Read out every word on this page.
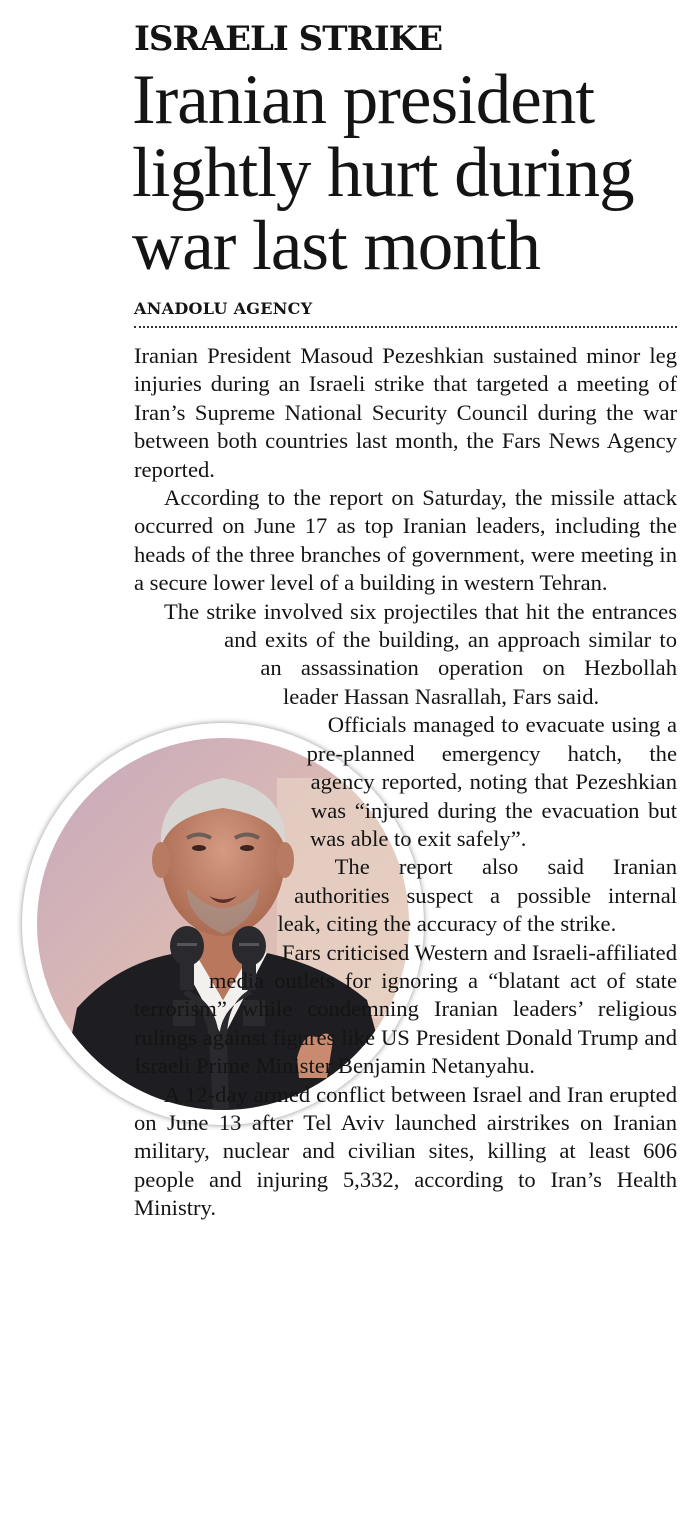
ISRAELI STRIKE
Iranian president lightly hurt during war last month
ANADOLU AGENCY

Iranian President Masoud Pezeshkian sustained minor leg injuries during an Israeli strike that targeted a meeting of Iran’s Supreme National Security Council during the war between both countries last month, the Fars News Agency reported.

According to the report on Saturday, the missile attack occurred on June 17 as top Iranian leaders, including the heads of the three branches of government, were meeting in a secure lower level of a building in western Tehran.

The strike involved six projectiles that hit the entrances and exits of the building, an approach similar to an assassination operation on Hezbollah leader Hassan Nasrallah, Fars said.

Officials managed to evacuate using a pre-planned emergency hatch, the agency reported, noting that Pezeshkian was “injured during the evacuation but was able to exit safely”.

The report also said Iranian authorities suspect a possible internal leak, citing the accuracy of the strike.

Fars criticised Western and Israeli-affiliated media outlets for ignoring a “blatant act of state terrorism” while condemning Iranian leaders’ religious rulings against figures like US President Donald Trump and Israeli Prime Minister Benjamin Netanyahu.

A 12-day armed conflict between Israel and Iran erupted on June 13 after Tel Aviv launched airstrikes on Iranian military, nuclear and civilian sites, killing at least 606 people and injuring 5,332, according to Iran’s Health Ministry.
